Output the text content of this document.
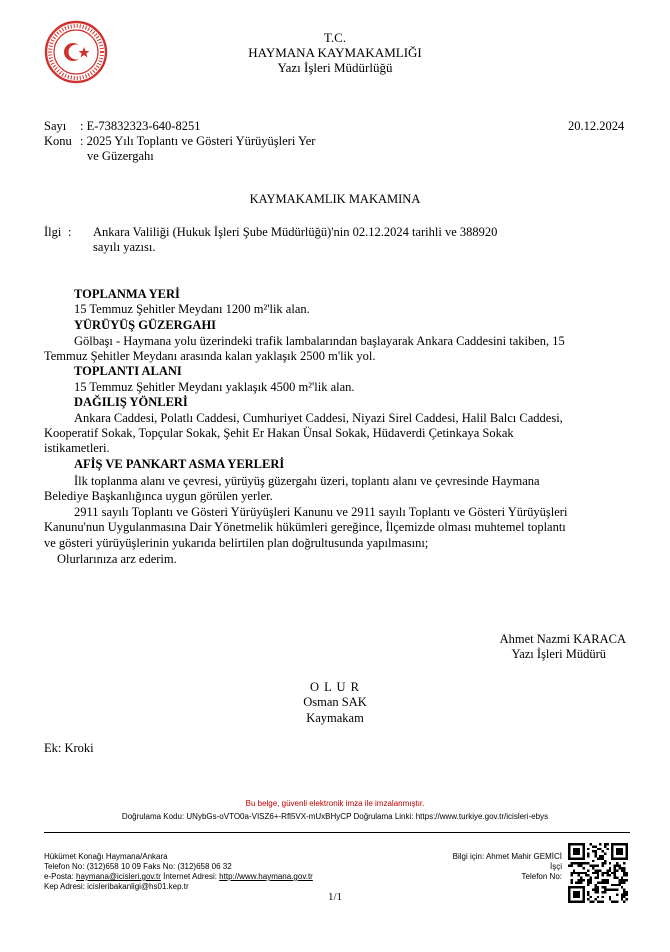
T.C.
HAYMANA KAYMAKAMLIĞI
Yazı İşleri Müdürlüğü
Sayı : E-73832323-640-8251	20.12.2024
Konu : 2025 Yılı Toplantı ve Gösteri Yürüyüşleri Yer
ve Güzergahı
KAYMAKAMLIK MAKAMINA
İlgi : Ankara Valiliği (Hukuk İşleri Şube Müdürlüğü)'nin 02.12.2024 tarihli ve 388920
sayılı yazısı.
TOPLANMA YERİ
15 Temmuz Şehitler Meydanı 1200 m²'lik alan.
YÜRÜYÜŞ GÜZERGAHI
Gölbaşı - Haymana yolu üzerindeki trafik lambalarından başlayarak Ankara Caddesini takiben, 15
Temmuz Şehitler Meydanı arasında kalan yaklaşık 2500 m'lik yol.
TOPLANTI ALANI
15 Temmuz Şehitler Meydanı yaklaşık 4500 m²'lik alan.
DAĞILIŞ YÖNLERİ
Ankara Caddesi, Polatlı Caddesi, Cumhuriyet Caddesi, Niyazi Sirel Caddesi, Halil Balcı Caddesi,
Kooperatif Sokak, Topçular Sokak, Şehit Er Hakan Ünsal Sokak, Hüdaverdi Çetinkaya Sokak
istikametleri.
AFİŞ VE PANKART ASMA YERLERİ
İlk toplanma alanı ve çevresi, yürüyüş güzergahı üzeri, toplantı alanı ve çevresinde Haymana
Belediye Başkanlığınca uygun görülen yerler.
2911 sayılı Toplantı ve Gösteri Yürüyüşleri Kanunu ve 2911 sayılı Toplantı ve Gösteri Yürüyüşleri
Kanunu'nun Uygulanmasına Dair Yönetmelik hükümleri gereğince, İlçemizde olması muhtemel toplantı
ve gösteri yürüyüşlerinin yukarıda belirtilen plan doğrultusunda yapılmasını;
Olurlarınıza arz ederim.
Ahmet Nazmi KARACA
Yazı İşleri Müdürü
O L U R
Osman SAK
Kaymakam
Ek: Kroki
Bu belge, güvenli elektronik imza ile imzalanmıştır.
Doğrulama Kodu: UNybGs-oVTO0a-VISZ6+-Rfl5VX-mUxBHyCP Doğrulama Linki: https://www.turkiye.gov.tr/icisleri-ebys
Hükümet Konağı Haymana/Ankara
Telefon No: (312)658 10 09 Faks No: (312)658 06 32
e-Posta: haymana@icisleri.gov.tr İnternet Adresi: http://www.haymana.gov.tr
Kep Adresi: icisleribakanligi@hs01.kep.tr
Bilgi için: Ahmet Mahir GEMİCİ
İşçi
Telefon No:
1/1
